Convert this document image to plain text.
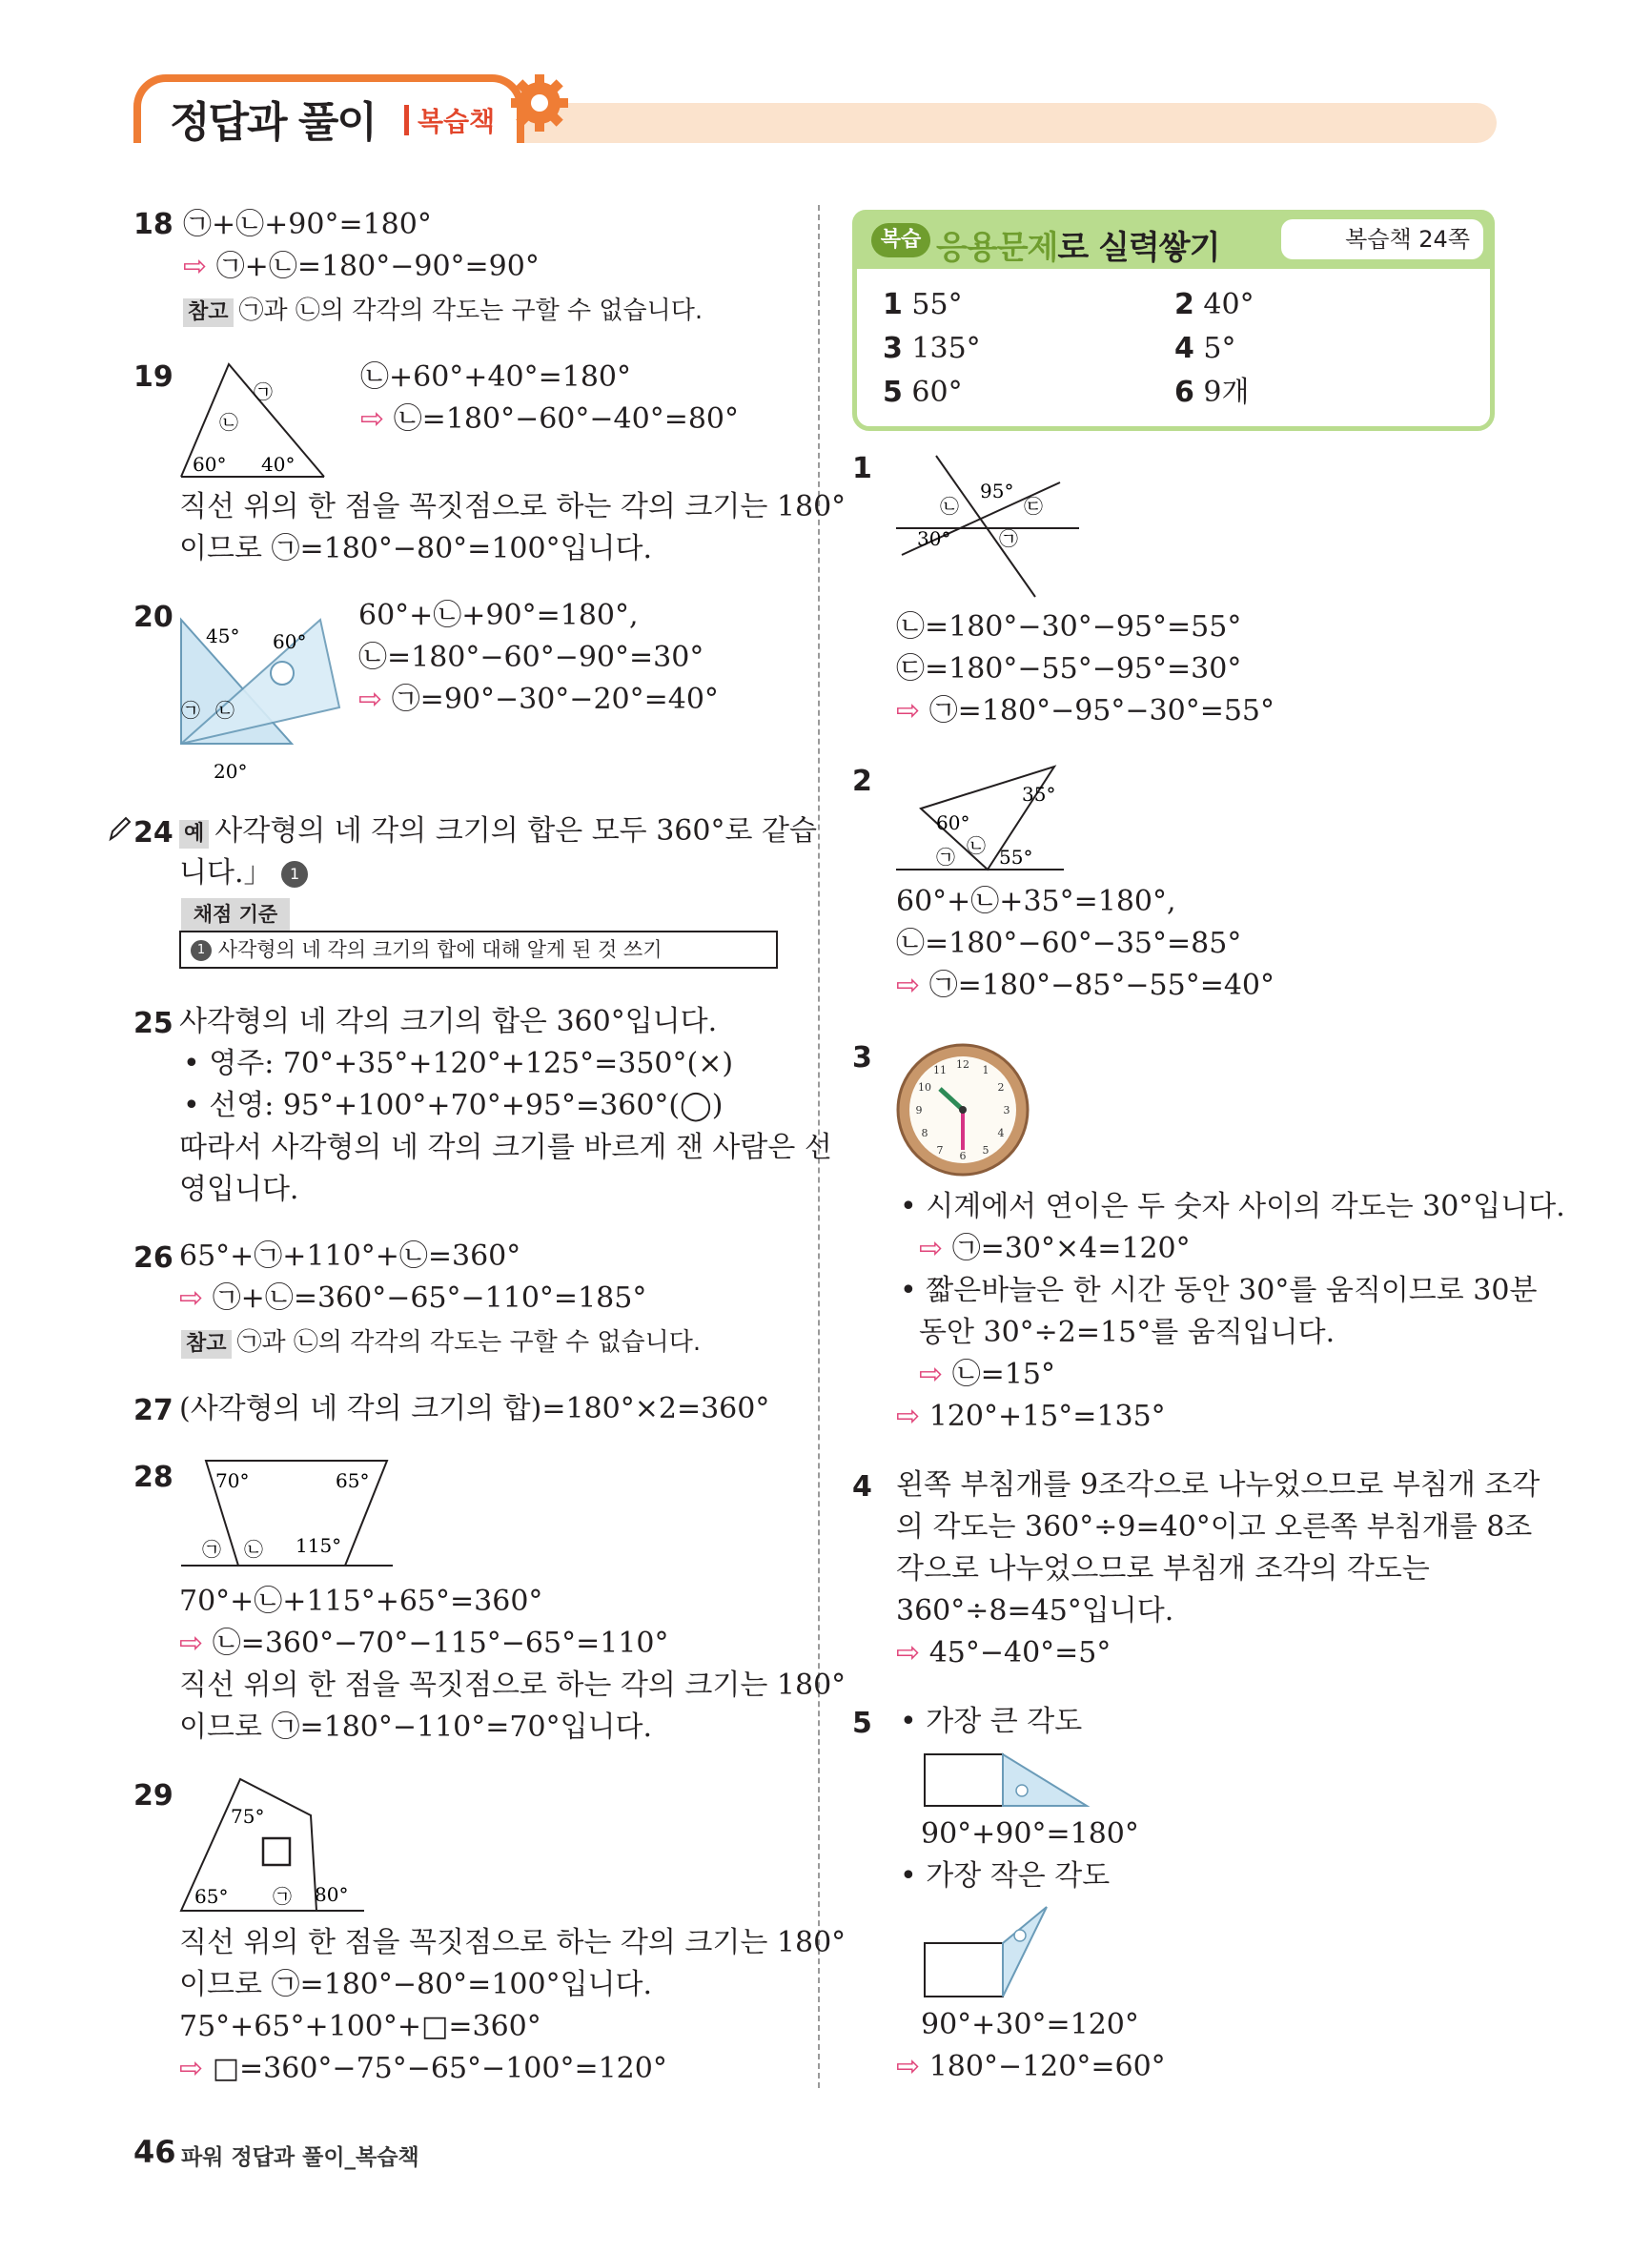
정답과 풀이 복습책
18 ㉠+㉡+90°=180°
⇨ ㉠+㉡=180°−90°=90°
참고 ㉠과 ㉡의 각각의 각도는 구할 수 없습니다.
19	㉠
㉡
60° 40°
㉡+60°+40°=180°
⇨ ㉡=180°−60°−40°=80°
직선 위의 한 점을 꼭짓점으로 하는 각의 크기는 180°
이므로 ㉠=180°−80°=100°입니다.
20
45° 60°
㉠ ㉡
20°
60°+㉡+90°=180°,
㉡=180°−60°−90°=30°
⇨ ㉠=90°−30°−20°=40°
24 예 사각형의 네 각의 크기의 합은 모두 360°로 같습
니다.」 1
채점 기준
1 사각형의 네 각의 크기의 합에 대해 알게 된 것 쓰기
25 사각형의 네 각의 크기의 합은 360°입니다.
• 영주: 70°+35°+120°+125°=350°(×)
• 선영: 95°+100°+70°+95°=360°(◯)
따라서 사각형의 네 각의 크기를 바르게 잰 사람은 선
영입니다.
26 65°+㉠+110°+㉡=360°
⇨ ㉠+㉡=360°−65°−110°=185°
참고 ㉠과 ㉡의 각각의 각도는 구할 수 없습니다.
27 (사각형의 네 각의 크기의 합)=180°×2=360°
28 70°	65°
㉠ ㉡ 115°
70°+㉡+115°+65°=360°
⇨ ㉡=360°−70°−115°−65°=110°
직선 위의 한 점을 꼭짓점으로 하는 각의 크기는 180°
이므로 ㉠=180°−110°=70°입니다.
29
75°
65° ㉠ 80°
직선 위의 한 점을 꼭짓점으로 하는 각의 크기는 180°
이므로 ㉠=180°−80°=100°입니다.
75°+65°+100°+□=360°
⇨ □=360°−75°−65°−100°=120°
복습 응용문제로 실력쌓기	복습책 24쪽
1 55°	2 40°
3 135°	4 5°
5 60°	6 9개
1
95°
㉡	㉢
30°	㉠
㉡=180°−30°−95°=55°
㉢=180°−55°−95°=30°
⇨ ㉠=180°−95°−30°=55°
2	35°
60°
㉡
㉠ 55°
60°+㉡+35°=180°,
㉡=180°−60°−35°=85°
⇨ ㉠=180°−85°−55°=40°
3	12 1
2
3
4
5
6
7
8
9
10
11
• 시계에서 연이은 두 숫자 사이의 각도는 30°입니다.
⇨ ㉠=30°×4=120°
• 짧은바늘은 한 시간 동안 30°를 움직이므로 30분
동안 30°÷2=15°를 움직입니다.
⇨ ㉡=15°
⇨ 120°+15°=135°
4 왼쪽 부침개를 9조각으로 나누었으므로 부침개 조각
의 각도는 360°÷9=40°이고 오른쪽 부침개를 8조
각으로 나누었으므로 부침개 조각의 각도는
360°÷8=45°입니다.
⇨ 45°−40°=5°
5 • 가장 큰 각도
90°+90°=180°
• 가장 작은 각도
90°+30°=120°
⇨ 180°−120°=60°
46 파워 정답과 풀이_복습책
